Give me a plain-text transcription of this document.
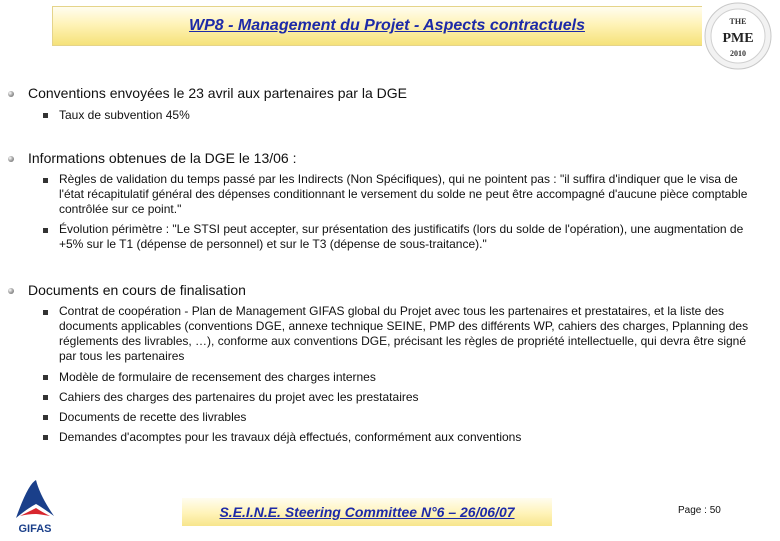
WP8 - Management du Projet - Aspects contractuels	THE
PME
2010
Conventions envoyées le 23 avril aux partenaires par la DGE
Taux de subvention 45%
Informations obtenues de la DGE le 13/06 :
Règles de validation du temps passé par les Indirects (Non Spécifiques), qui ne pointent pas : "il suffira d'indiquer que le visa de l'état récapitulatif général des dépenses conditionnant le versement du solde ne peut être accompagné d'aucune pièce comptable contrôlée sur ce point."
Évolution périmètre : "Le STSI peut accepter, sur présentation des justificatifs (lors du solde de l'opération), une augmentation de +5% sur le T1 (dépense de personnel) et sur le T3 (dépense de sous-traitance)."
Documents en cours de finalisation
Contrat de coopération - Plan de Management GIFAS global du Projet avec tous les partenaires et prestataires, et la liste des documents applicables (conventions DGE, annexe technique SEINE, PMP des différents WP, cahiers des charges, Pplanning des réglements des livrables, …), conforme aux conventions DGE, précisant les règles de propriété intellectuelle, qui devra être signé par tous les partenaires
Modèle de formulaire de recensement des charges internes
Cahiers des charges des partenaires du projet avec les prestataires
Documents de recette des livrables
Demandes d'acomptes pour les travaux déjà effectués, conformément aux conventions
GIFAS
S.E.I.N.E. Steering Committee N°6 – 26/06/07	Page : 50
